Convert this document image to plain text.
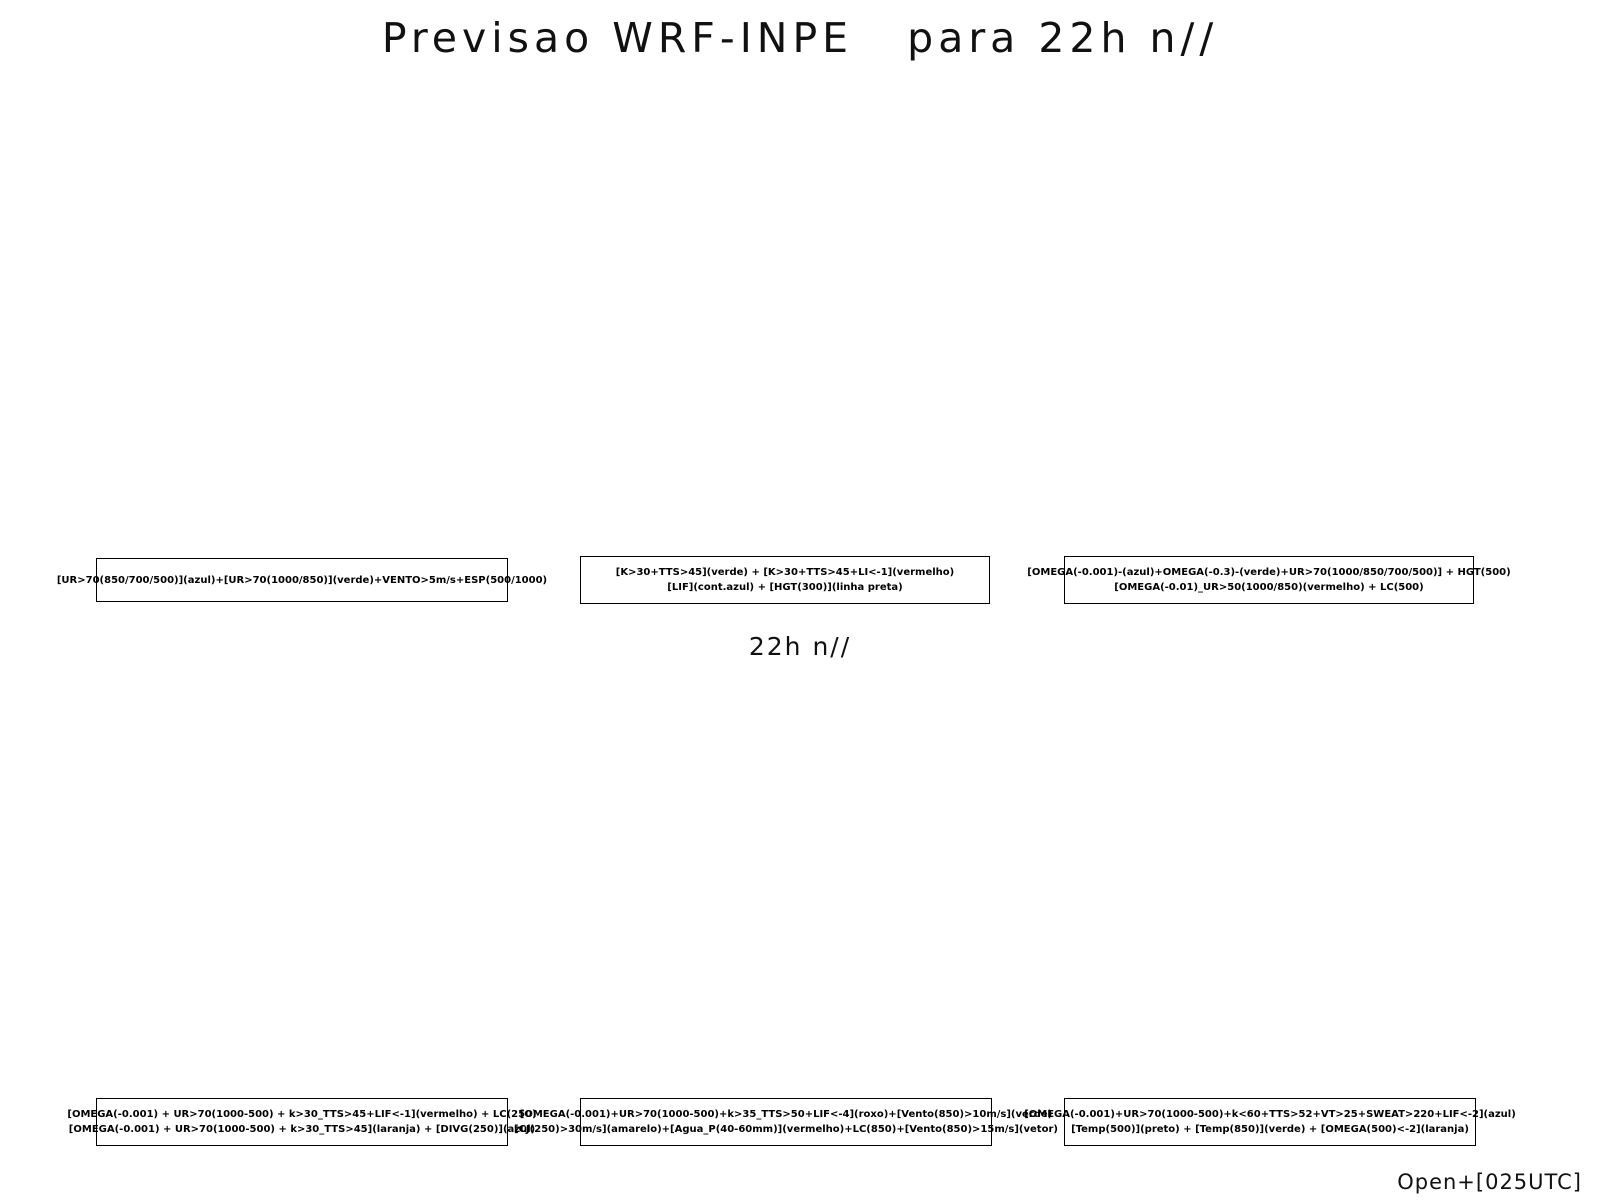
Previsao WRF-INPE   para 22h n//
[UR>70(850/700/500)](azul)+[UR>70(1000/850)](verde)+VENTO>5m/s+ESP(500/1000)
[K>30+TTS>45](verde) + [K>30+TTS>45+LI<-1](vermelho)
[LIF](cont.azul) + [HGT(300)](linha preta)
[OMEGA(-0.001)-(azul)+OMEGA(-0.3)-(verde)+UR>70(1000/850/700/500)] + HGT(500)
[OMEGA(-0.01)_UR>50(1000/850)(vermelho) + LC(500)
22h n//
[OMEGA(-0.001) + UR>70(1000-500) + k>30_TTS>45+LIF<-1](vermelho) + LC(250)
[OMEGA(-0.001) + UR>70(1000-500) + k>30_TTS>45](laranja) + [DIVG(250)](azul)
[OMEGA(-0.001)+UR>70(1000-500)+k>35_TTS>50+LIF<-4](roxo)+[Vento(850)>10m/s](verde)
[CJ(250)>30m/s](amarelo)+[Agua_P(40-60mm)](vermelho)+LC(850)+[Vento(850)>15m/s](vetor)
[OMEGA(-0.001)+UR>70(1000-500)+k<60+TTS>52+VT>25+SWEAT>220+LIF<-2](azul)
[Temp(500)](preto) + [Temp(850)](verde) + [OMEGA(500)<-2](laranja)
Open+[025UTC]
